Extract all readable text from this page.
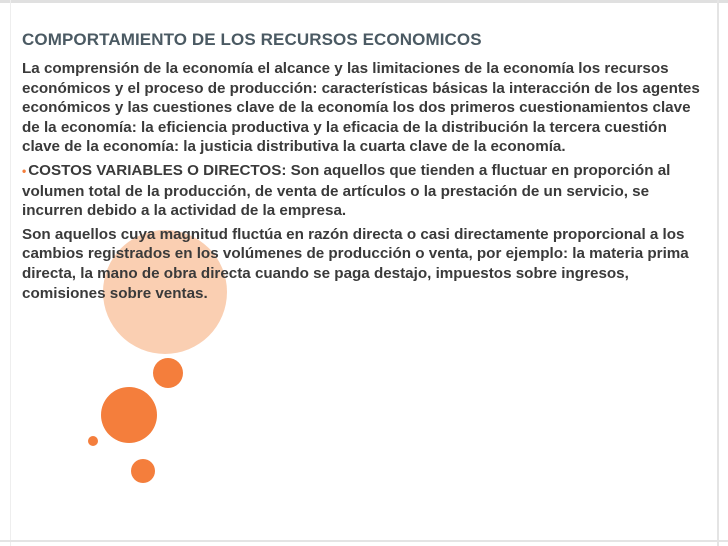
COMPORTAMIENTO DE LOS RECURSOS ECONOMICOS

La comprensión de la economía el alcance y las limitaciones de la economía los recursos económicos y el proceso de producción: características básicas la interacción de los agentes económicos y las cuestiones clave de la economía los dos primeros cuestionamientos clave de la economía: la eficiencia productiva y la eficacia de la distribución la tercera cuestión clave de la economía: la justicia distributiva la cuarta clave de la economía.

• COSTOS VARIABLES O DIRECTOS: Son aquellos que tienden a fluctuar en proporción al volumen total de la producción, de venta de artículos o la prestación de un servicio, se incurren debido a la actividad de la empresa.

Son aquellos cuya magnitud fluctúa en razón directa o casi directamente proporcional a los cambios registrados en los volúmenes de producción o venta, por ejemplo: la materia prima directa, la mano de obra directa cuando se paga destajo, impuestos sobre ingresos, comisiones sobre ventas.
